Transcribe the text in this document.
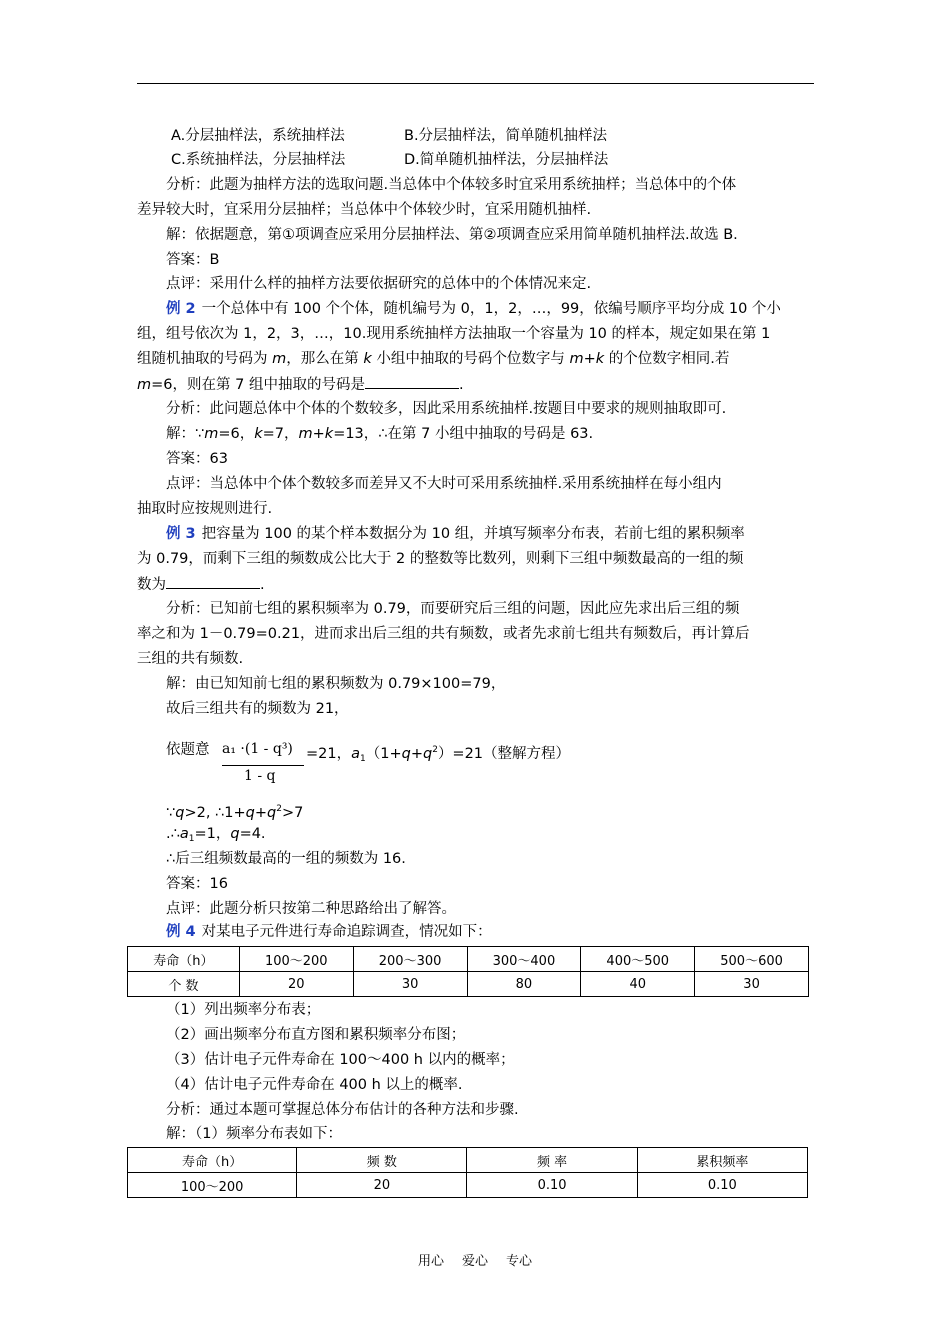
A.分层抽样法，系统抽样法	B.分层抽样法，简单随机抽样法
C.系统抽样法，分层抽样法	D.简单随机抽样法，分层抽样法
分析：此题为抽样方法的选取问题.当总体中个体较多时宜采用系统抽样；当总体中的个体
差异较大时，宜采用分层抽样；当总体中个体较少时，宜采用随机抽样.
解：依据题意，第①项调查应采用分层抽样法、第②项调查应采用简单随机抽样法.故选 B.
答案：B
点评：采用什么样的抽样方法要依据研究的总体中的个体情况来定.
例 2 一个总体中有 100 个个体，随机编号为 0，1，2，…，99，依编号顺序平均分成 10 个小
组，组号依次为 1，2，3，…，10.现用系统抽样方法抽取一个容量为 10 的样本，规定如果在第 1
组随机抽取的号码为 m，那么在第 k 小组中抽取的号码个位数字与 m+k 的个位数字相同.若
m=6，则在第 7 组中抽取的号码是	.
分析：此问题总体中个体的个数较多，因此采用系统抽样.按题目中要求的规则抽取即可.
解：∵m=6，k=7，m+k=13，∴在第 7 小组中抽取的号码是 63.
答案：63
点评：当总体中个体个数较多而差异又不大时可采用系统抽样.采用系统抽样在每小组内
抽取时应按规则进行.
例 3 把容量为 100 的某个样本数据分为 10 组，并填写频率分布表，若前七组的累积频率
为 0.79，而剩下三组的频数成公比大于 2 的整数等比数列，则剩下三组中频数最高的一组的频
数为	.
分析：已知前七组的累积频率为 0.79，而要研究后三组的问题，因此应先求出后三组的频
率之和为 1－0.79=0.21，进而求出后三组的共有频数，或者先求前七组共有频数后，再计算后
三组的共有频数.
解：由已知知前七组的累积频数为 0.79×100=79，
故后三组共有的频数为 21，
依题意 a₁ ·(1 - q³)
1 - q
=21，$a_1(1+q+q^2)=21$（整解方程）
∵q>2, $\therefore 1+q+q^2>7$
$.\therefore a_1=1$，q=4.
∴后三组频数最高的一组的频数为 16.
答案：16
点评：此题分析只按第二种思路给出了解答。
例 4 对某电子元件进行寿命追踪调查，情况如下：
寿命（h）	100～200	200～300	300～400	400～500	500～600
个 数	20	30	80	40	30
（1）列出频率分布表；
（2）画出频率分布直方图和累积频率分布图；
（3）估计电子元件寿命在 100～400 h 以内的概率；
（4）估计电子元件寿命在 400 h 以上的概率.
分析：通过本题可掌握总体分布估计的各种方法和步骤.
解：（1）频率分布表如下：
寿命（h）	频 数	频 率	累积频率
100～200	20	0.10	0.10
用心 爱心 专心
